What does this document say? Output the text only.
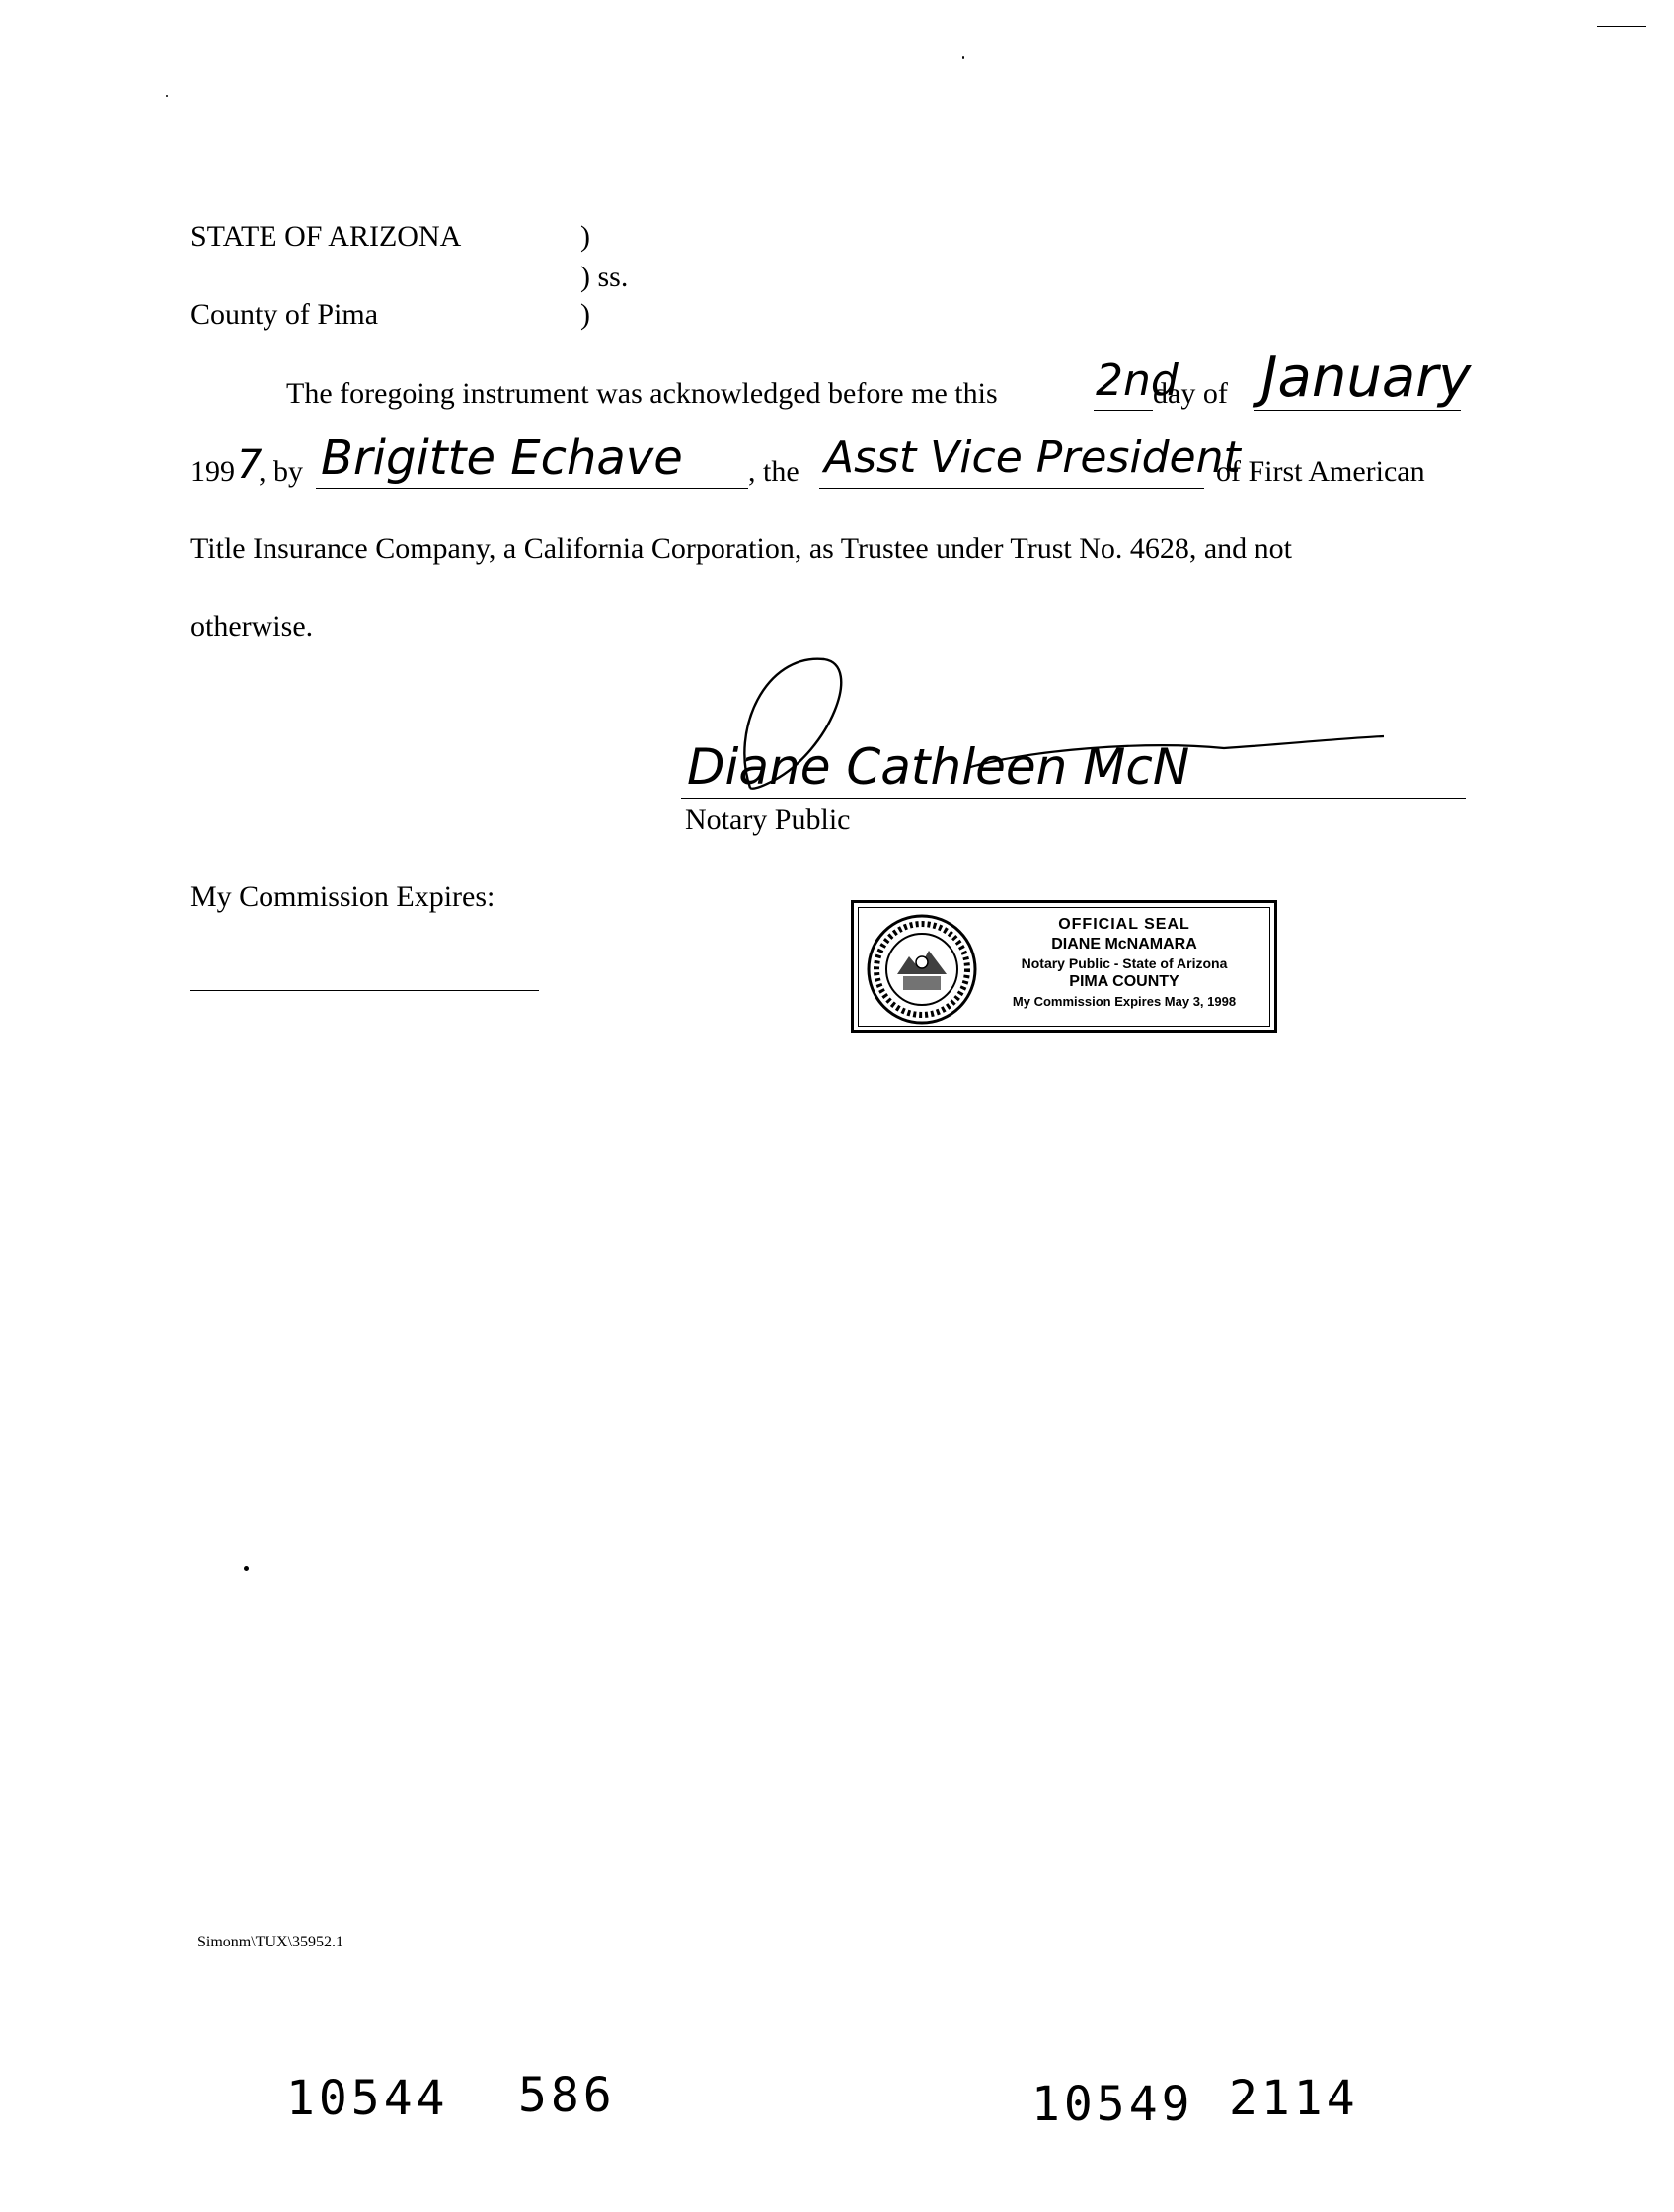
STATE OF ARIZONA	)
) ss.
County of Pima	)
The foregoing instrument was acknowledged before me this 2nd
day of January
199 7
, by Brigitte Echave , the Asst Vice President
of First American
Title Insurance Company, a California Corporation, as Trustee under Trust No. 4628, and not
otherwise.
Diane Cathleen McN
Notary Public
My Commission Expires:
OFFICIAL SEAL
DIANE McNAMARA
Notary Public - State of Arizona
PIMA COUNTY
My Commission Expires May 3, 1998
Simonm\TUX\35952.1
10544 586	10549 2114
